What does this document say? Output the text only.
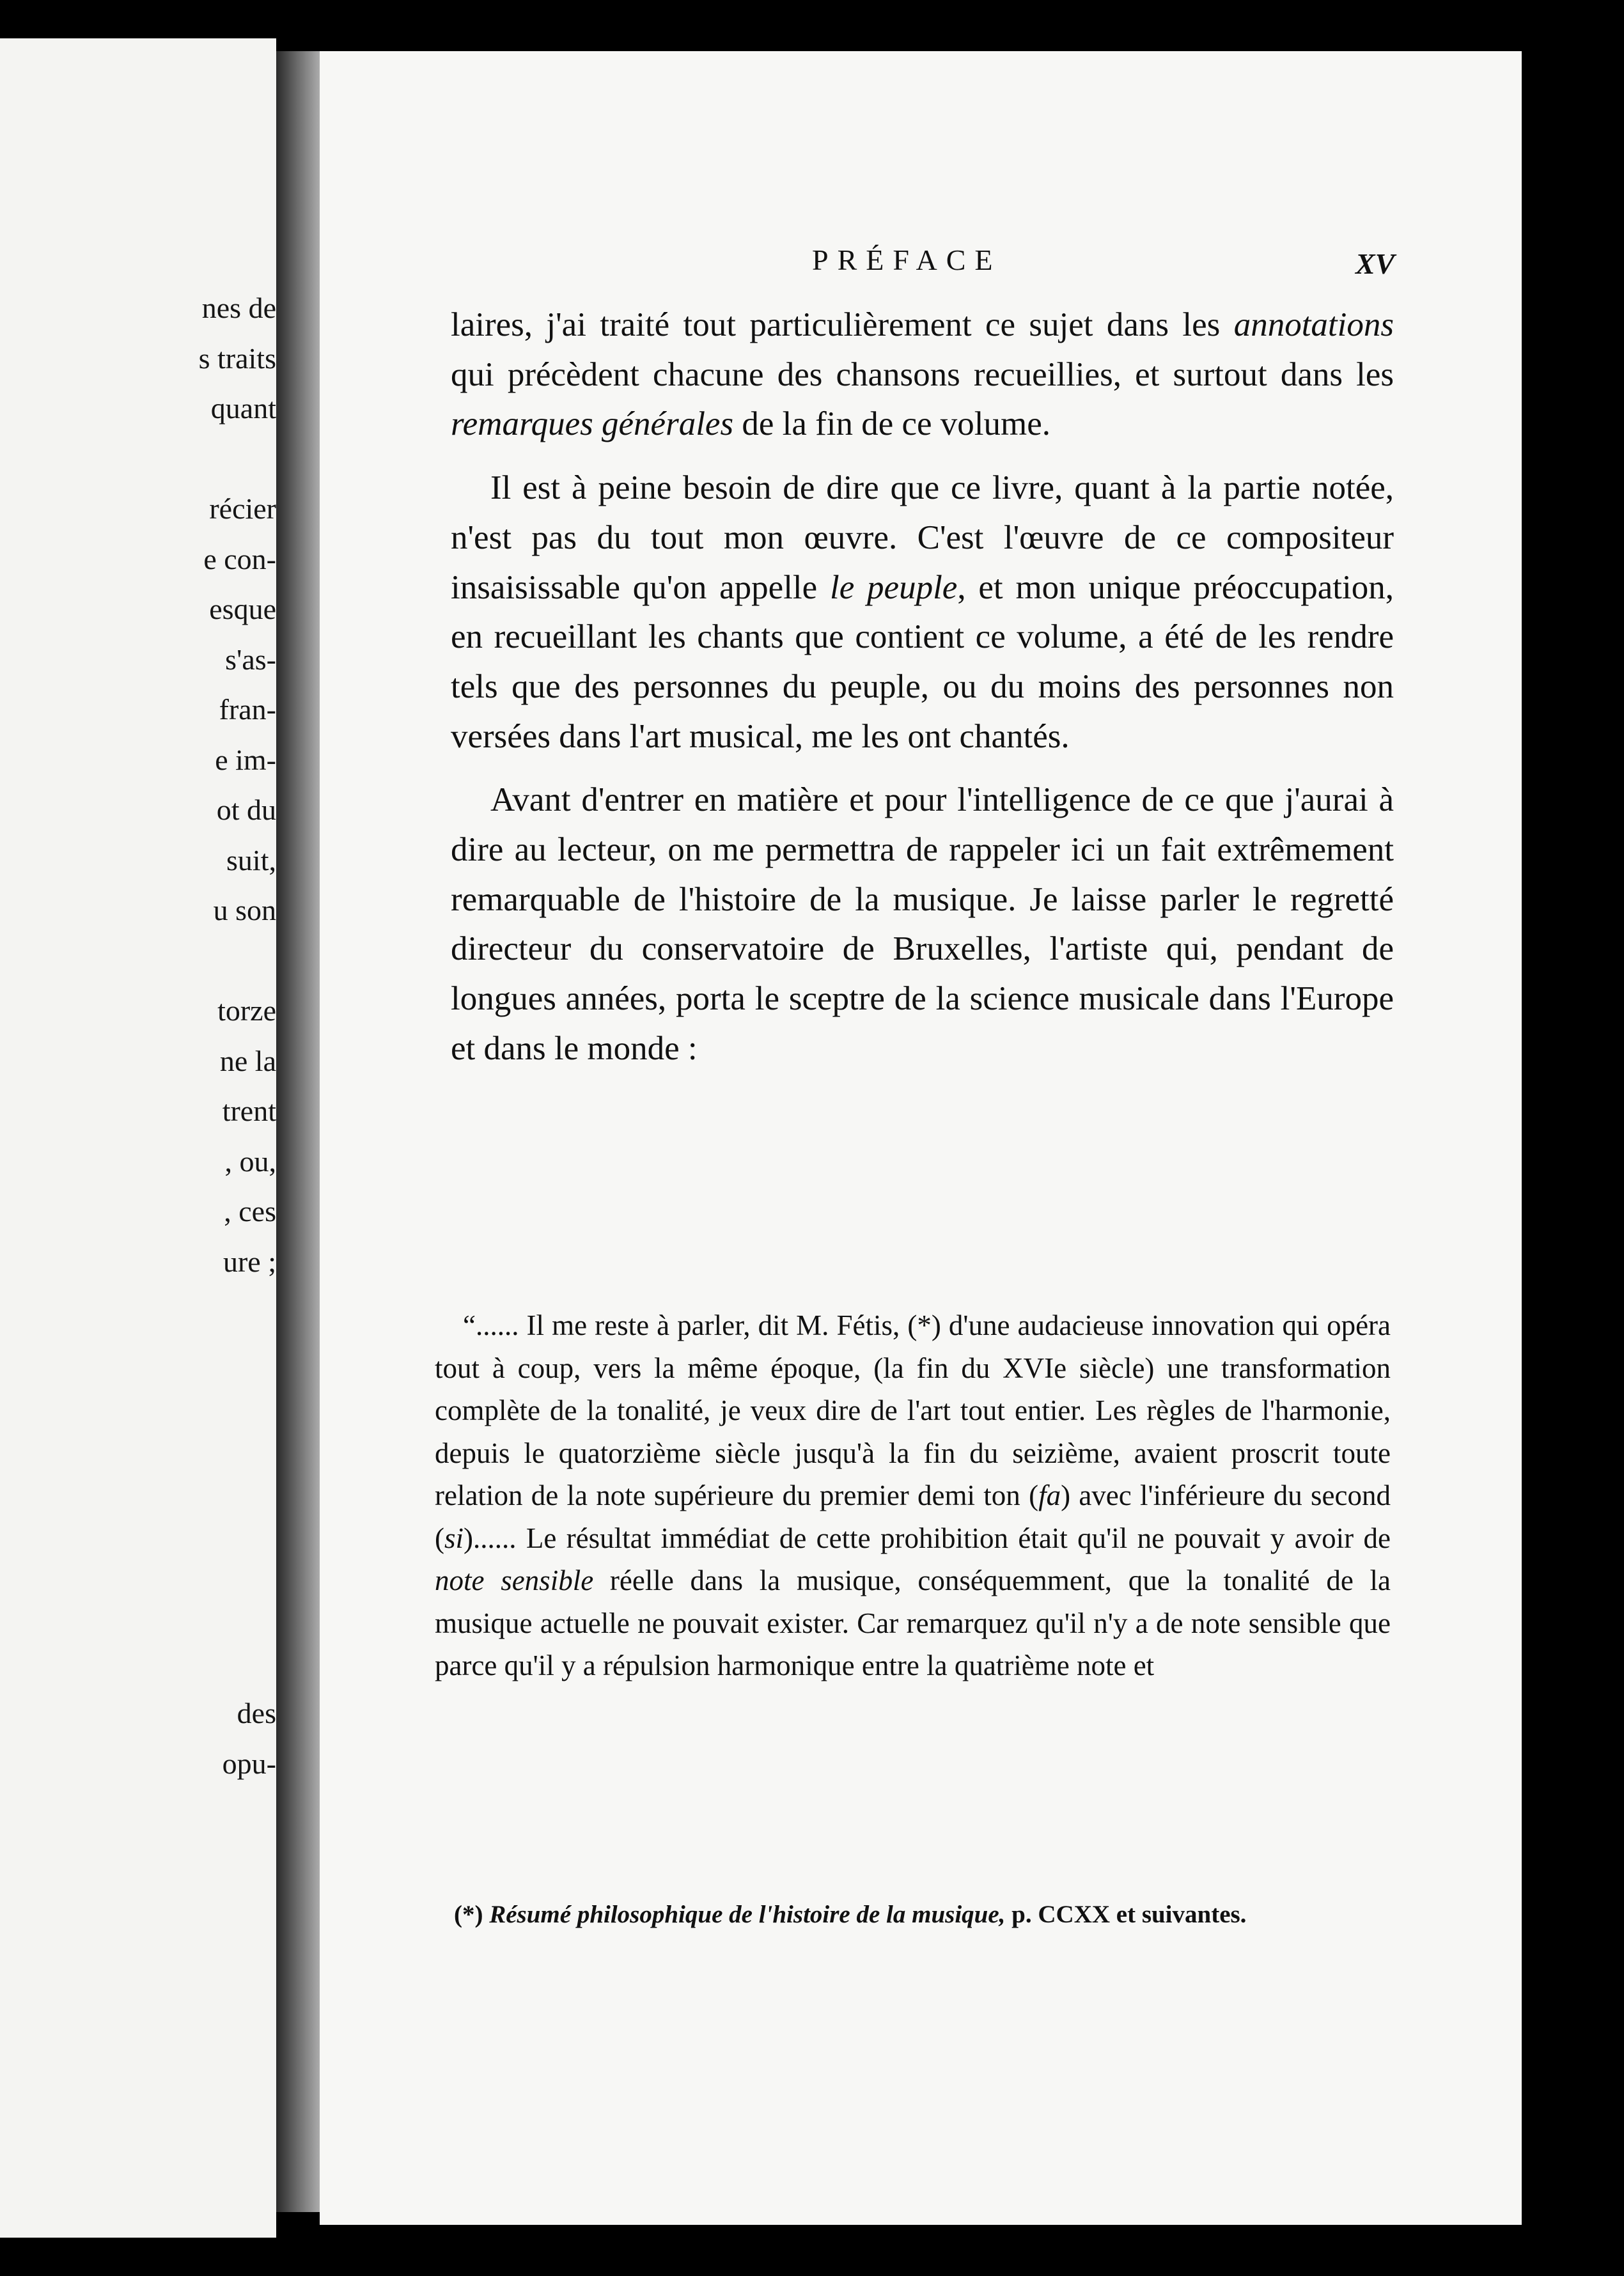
nes de
s traits
quant
récier
e con-
esque
s'as-
fran-
e im-
ot du
suit,
u son
torze
ne la
trent
, ou,
, ces
ure ;
des
opu-
PRÉFACE	XV

laires, j'ai traité tout particulièrement ce sujet dans les annotations qui précèdent chacune des chansons recueillies, et surtout dans les remarques générales de la fin de ce volume.

Il est à peine besoin de dire que ce livre, quant à la partie notée, n'est pas du tout mon œuvre. C'est l'œuvre de ce compositeur insaisissable qu'on appelle le peuple, et mon unique préoccupation, en recueillant les chants que contient ce volume, a été de les rendre tels que des personnes du peuple, ou du moins des personnes non versées dans l'art musical, me les ont chantés.

Avant d'entrer en matière et pour l'intelligence de ce que j'aurai à dire au lecteur, on me permettra de rappeler ici un fait extrêmement remarquable de l'histoire de la musique. Je laisse parler le regretté directeur du conservatoire de Bruxelles, l'artiste qui, pendant de longues années, porta le sceptre de la science musicale dans l'Europe et dans le monde :

“...... Il me reste à parler, dit M. Fétis, (*) d'une audacieuse innovation qui opéra tout à coup, vers la même époque, (la fin du XVIe siècle) une transformation complète de la tonalité, je veux dire de l'art tout entier. Les règles de l'harmonie, depuis le quatorzième siècle jusqu'à la fin du seizième, avaient proscrit toute relation de la note supérieure du premier demi ton (fa) avec l'inférieure du second (si)...... Le résultat immédiat de cette prohibition était qu'il ne pouvait y avoir de note sensible réelle dans la musique, conséquemment, que la tonalité de la musique actuelle ne pouvait exister. Car remarquez qu'il n'y a de note sensible que parce qu'il y a répulsion harmonique entre la quatrième note et

(*) Résumé philosophique de l'histoire de la musique, p. CCXX et suivantes.
